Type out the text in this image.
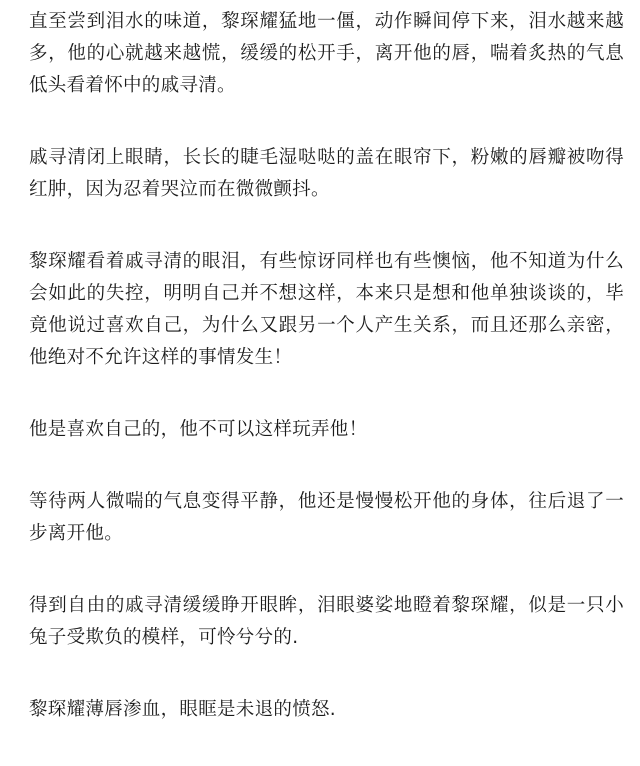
直至尝到泪水的味道，黎琛耀猛地一僵，动作瞬间停下来，泪水越来越多，他的心就越来越慌，缓缓的松开手，离开他的唇，喘着炙热的气息低头看着怀中的戚寻清。

戚寻清闭上眼睛，长长的睫毛湿哒哒的盖在眼帘下，粉嫩的唇瓣被吻得红肿，因为忍着哭泣而在微微颤抖。

黎琛耀看着戚寻清的眼泪，有些惊讶同样也有些懊恼，他不知道为什么会如此的失控，明明自己并不想这样，本来只是想和他单独谈谈的，毕竟他说过喜欢自己，为什么又跟另一个人产生关系，而且还那么亲密，他绝对不允许这样的事情发生！

他是喜欢自己的，他不可以这样玩弄他！

等待两人微喘的气息变得平静，他还是慢慢松开他的身体，往后退了一步离开他。

得到自由的戚寻清缓缓睁开眼眸，泪眼婆娑地瞪着黎琛耀，似是一只小兔子受欺负的模样，可怜兮兮的.

黎琛耀薄唇渗血，眼眶是未退的愤怒.
